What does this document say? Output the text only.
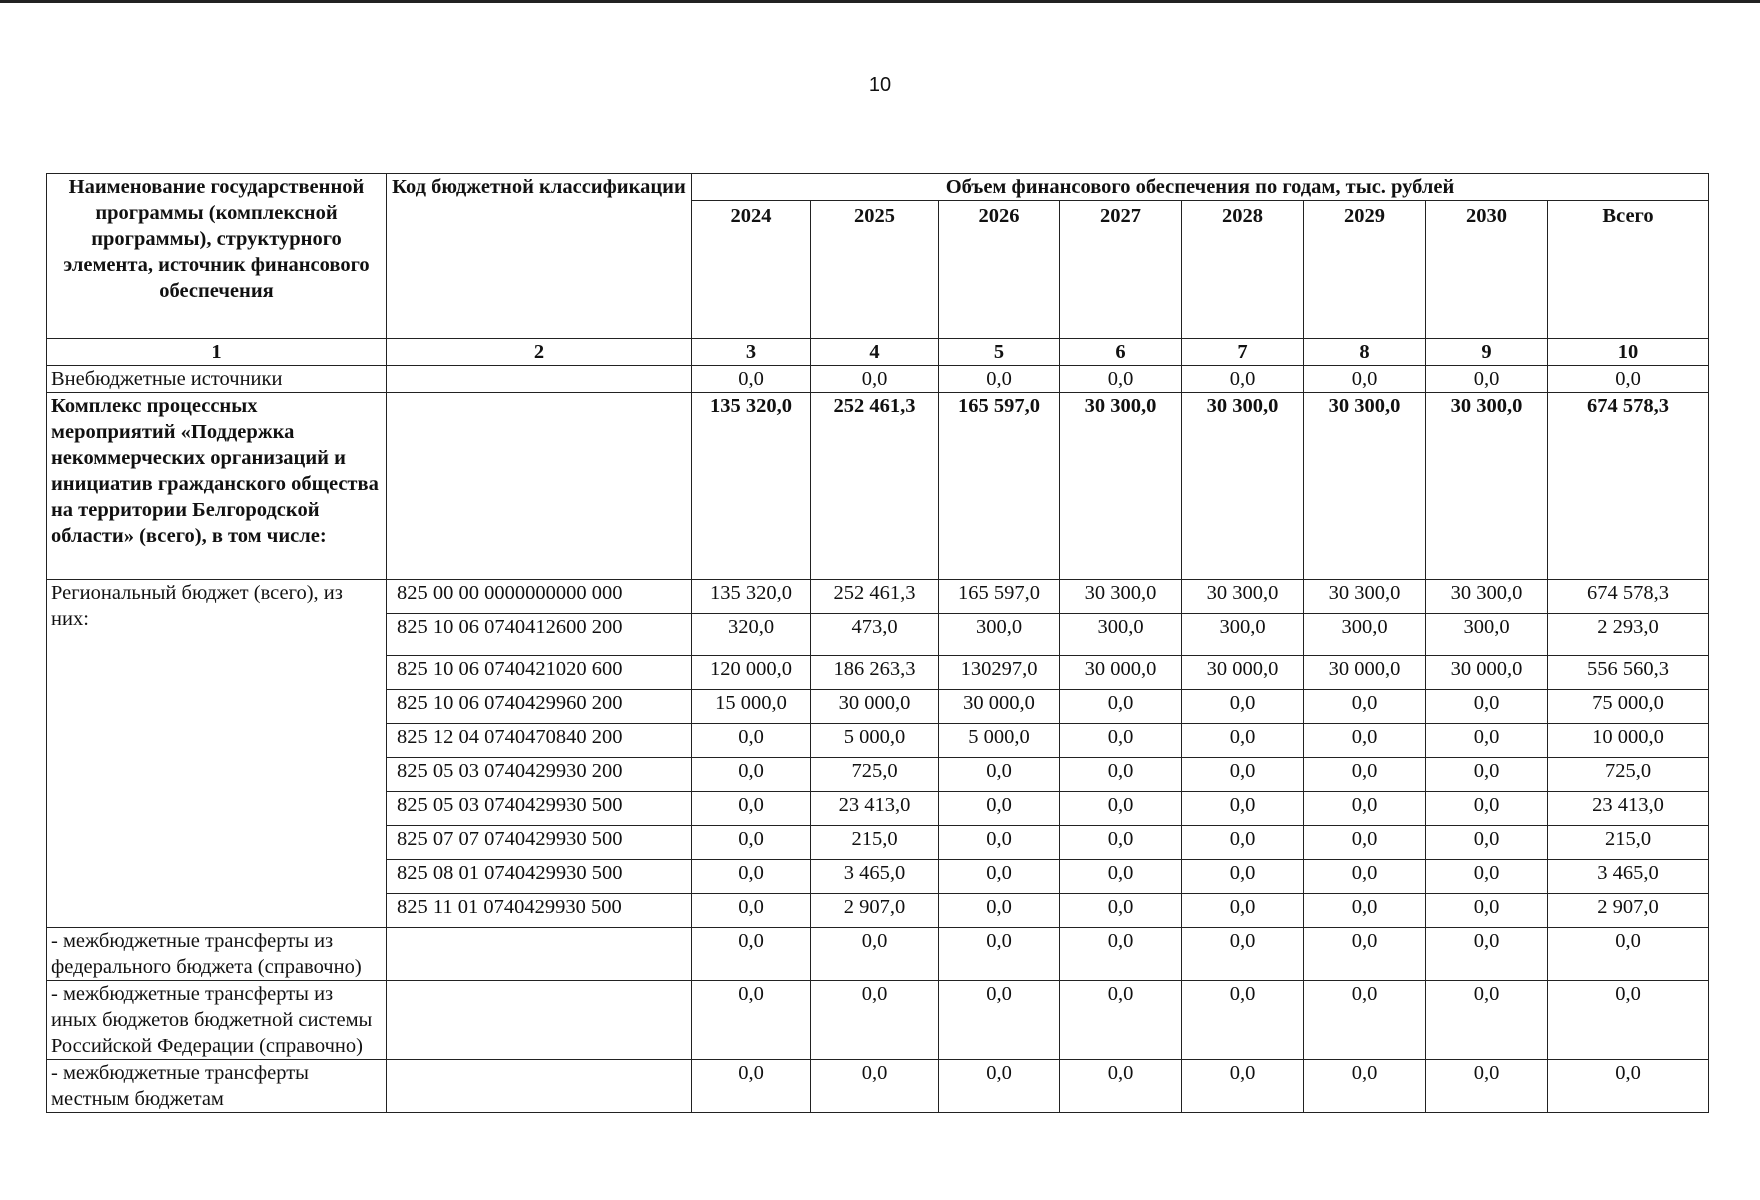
10
Наименование государственной программы (комплексной программы), структурного элемента, источник финансового обеспечения	Код бюджетной классификации	Объем финансового обеспечения по годам, тыс. рублей							
		2024	2025	2026	2027	2028	2029	2030	Всего
1	2	3	4	5	6	7	8	9	10
Внебюджетные источники		0,0	0,0	0,0	0,0	0,0	0,0	0,0	0,0
Комплекс процессных мероприятий «Поддержка некоммерческих организаций и инициатив гражданского общества на территории Белгородской области» (всего), в том числе:		135 320,0	252 461,3	165 597,0	30 300,0	30 300,0	30 300,0	30 300,0	674 578,3
Региональный бюджет (всего), из них:	825 00 00 0000000000 000	135 320,0	252 461,3	165 597,0	30 300,0	30 300,0	30 300,0	30 300,0	674 578,3
	825 10 06 0740412600 200	320,0	473,0	300,0	300,0	300,0	300,0	300,0	2 293,0
	825 10 06 0740421020 600	120 000,0	186 263,3	130297,0	30 000,0	30 000,0	30 000,0	30 000,0	556 560,3
	825 10 06 0740429960 200	15 000,0	30 000,0	30 000,0	0,0	0,0	0,0	0,0	75 000,0
	825 12 04 0740470840 200	0,0	5 000,0	5 000,0	0,0	0,0	0,0	0,0	10 000,0
	825 05 03 0740429930 200	0,0	725,0	0,0	0,0	0,0	0,0	0,0	725,0
	825 05 03 0740429930 500	0,0	23 413,0	0,0	0,0	0,0	0,0	0,0	23 413,0
	825 07 07 0740429930 500	0,0	215,0	0,0	0,0	0,0	0,0	0,0	215,0
	825 08 01 0740429930 500	0,0	3 465,0	0,0	0,0	0,0	0,0	0,0	3 465,0
	825 11 01 0740429930 500	0,0	2 907,0	0,0	0,0	0,0	0,0	0,0	2 907,0
- межбюджетные трансферты из федерального бюджета (справочно)		0,0	0,0	0,0	0,0	0,0	0,0	0,0	0,0
- межбюджетные трансферты из иных бюджетов бюджетной системы Российской Федерации (справочно)		0,0	0,0	0,0	0,0	0,0	0,0	0,0	0,0
- межбюджетные трансферты местным бюджетам		0,0	0,0	0,0	0,0	0,0	0,0	0,0	0,0
